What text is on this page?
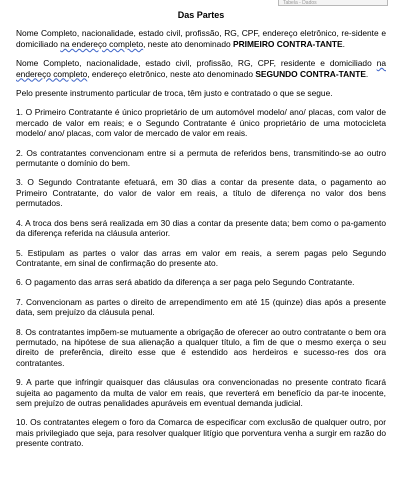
Tabela - Dados
Das Partes
Nome Completo, nacionalidade, estado civil, profissão, RG, CPF, endereço eletrônico, re-sidente e domiciliado na endereço completo, neste ato denominado PRIMEIRO CONTRA-TANTE.
Nome Completo, nacionalidade, estado civil, profissão, RG, CPF, residente e domiciliado na endereço completo, endereço eletrônico, neste ato denominado SEGUNDO CONTRA-TANTE.
Pelo presente instrumento particular de troca, têm justo e contratado o que se segue.
1. O Primeiro Contratante é único proprietário de um automóvel modelo/ ano/ placas, com valor de mercado de valor em reais; e o Segundo Contratante é único proprietário de uma motocicleta modelo/ ano/ placas, com valor de mercado de valor em reais.
2. Os contratantes convencionam entre si a permuta de referidos bens, transmitindo-se ao outro permutante o domínio do bem.
3. O Segundo Contratante efetuará, em 30 dias a contar da presente data, o pagamento ao Primeiro Contratante, do valor de valor em reais, a título de diferença no valor dos bens permutados.
4. A troca dos bens será realizada em 30 dias a contar da presente data; bem como o pa-gamento da diferença referida na cláusula anterior.
5. Estipulam as partes o valor das arras em valor em reais, a serem pagas pelo Segundo Contratante, em sinal de confirmação do presente ato.
6. O pagamento das arras será abatido da diferença a ser paga pelo Segundo Contratante.
7. Convencionam as partes o direito de arrependimento em até 15 (quinze) dias após a presente data, sem prejuízo da cláusula penal.
8. Os contratantes impõem-se mutuamente a obrigação de oferecer ao outro contratante o bem ora permutado, na hipótese de sua alienação a qualquer título, a fim de que o mesmo exerça o seu direito de preferência, direito esse que é estendido aos herdeiros e sucesso-res dos ora contratantes.
9. A parte que infringir quaisquer das cláusulas ora convencionadas no presente contrato ficará sujeita ao pagamento da multa de valor em reais, que reverterá em benefício da par-te inocente, sem prejuízo de outras penalidades apuráveis em eventual demanda judicial.
10. Os contratantes elegem o foro da Comarca de especificar com exclusão de qualquer outro, por mais privilegiado que seja, para resolver qualquer litígio que porventura venha a surgir em razão do presente contrato.
